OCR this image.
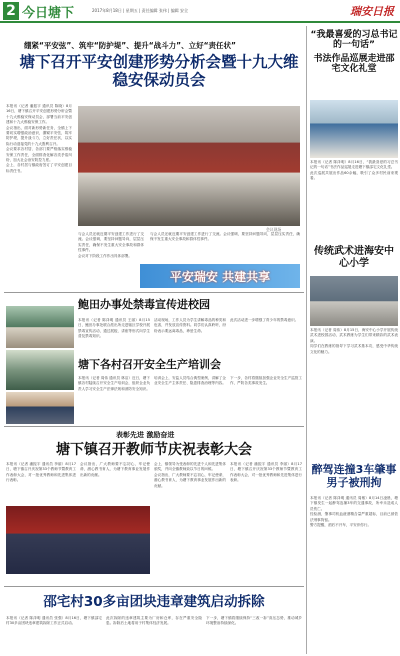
2 今日塘下	2017年8月18日 | 星期五 | 责任编辑 张伟 | 编辑 安全	瑞安日报
绷紧“平安弦”、筑牢“防护堤”、提升“战斗力”、立好“责任状”
塘下召开平安创建形势分析会暨十九大维稳安保动员会

本报讯（记者 潘振宇 通讯员 陈晓）8月16日，塘下镇召开平安创建形势分析会暨十九大维稳安保动员会，部署当前平安创建和十九大维稳安保工作。

会议指出，面对新形势新任务，全镇上下要切实增强政治意识，绷紧平安弦，筑牢防护堤，提升战斗力，立好责任状，以实际行动迎接党的十九大胜利召开。

会议要求各村居、各部门要严格落实维稳安保工作责任，全面排查化解各类矛盾纠纷，加大社会治安防控力度。

会上，各村居与镇政府签订了平安创建目标责任书。

会议现场

与会人员还就近期平安创建工作进行了交流。会议强调，要坚持问题导向，层层压实责任，确保不发生重大安全事故和群体性事件。

会议对下阶段工作作出具体部署。

与会人员还就近期平安创建工作进行了交流。会议强调，要坚持问题导向，层层压实责任，确保不发生重大安全事故和群体性事件。

平安瑞安 共建共享
鲍田办事处禁毒宣传进校园

本报讯（记者 陈泽明 通讯员 王丽）8月15日，鲍田办事处联合派出所走进辖区学校开展禁毒宣传活动，通过展板、讲座等形式向学生普及禁毒知识。

活动现场，工作人员为学生讲解毒品的种类和危害，并发放宣传资料。同学们认真聆听，纷纷表示要远离毒品，珍爱生命。

此次活动进一步增强了青少年的禁毒意识。

塘下各村召开安全生产培训会

本报讯（记者 周伟 通讯员 林洁）近日，塘下镇各村陆续召开安全生产培训会，组织企业负责人学习安全生产法律法规和消防安全知识。

培训会上，安监人员结合典型案例，讲解了企业安全生产主体责任、隐患排查治理等内容。

下一步，各村将继续加强企业安全生产监管工作，严防各类事故发生。

表彰先进 激励奋进
塘下镇召开教师节庆祝表彰大会

本报讯（记者 潘振宇 通讯员 李丽）8月17日，塘下镇召开庆祝第33个教师节暨教育工作表彰大会，对一批优秀教师和先进集体进行表彰。

会议指出，广大教师要不忘初心，牢记使命，潜心教书育人，为塘下教育事业发展作出新的贡献。

会上，镇领导为受表彰的先进个人和先进集体颁奖，并向全镇教师致以节日的问候。

会议指出，广大教师要不忘初心，牢记使命，潜心教书育人，为塘下教育事业发展作出新的贡献。

本报讯（记者 潘振宇 通讯员 李丽）8月17日，塘下镇召开庆祝第33个教师节暨教育工作表彰大会，对一批优秀教师和先进集体进行表彰。

邵宅村30多亩团块违章建筑启动拆除

本报讯（记者 陈泽明 通讯员 张强）8月16日，塘下镇邵宅村30多亩团块违章建筑拆除工作正式启动。

此次拆除的违章建筑主要为厂房和仓库，存在严重安全隐患。拆除后土地将用于村集体经济发展。

下一步，塘下镇将继续保持“三改一拆”高压态势，推动城乡环境整治持续深化。

“我最喜爱的习总书记的一句话”
书法作品巡展走进邵宅文化礼堂

本报讯（记者 陈泽明）8月16日，“我最喜爱的习总书记的一句话”书法作品巡展走进塘下镇邵宅文化礼堂。

此次巡展共展出作品60余幅，吸引了众多村民前来观看。

传统武术进海安中心小学

本报讯（记者 周伟）8月15日，海安中心小学开展传统武术进校园活动，武术教练为学生们带来精彩的武术表演。

同学们在教练的指导下学习武术基本功，感受中华传统文化的魅力。

醉驾连撞3车肇事男子被刑拘

本报讯（记者 陈泽明 通讯员 周敏）8月14日凌晨，塘下镇发生一起醉驾连撞3车的交通事故，所幸未造成人员伤亡。

经检测，肇事司机血液酒精含量严重超标，目前已被依法刑事拘留。

警方提醒，酒后不开车，平安伴你行。
